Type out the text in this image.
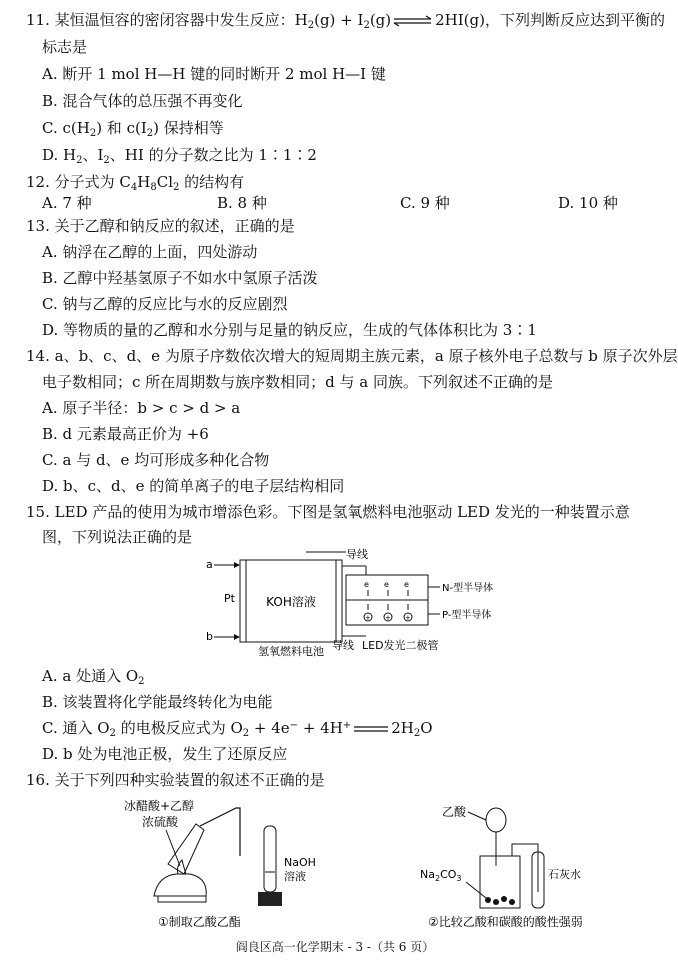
11. 某恒温恒容的密闭容器中发生反应：$H_2(g) + I_2(g)$ ⇌ 2HI(g)，下列判断反应达到平衡的
标志是
A. 断开 1 mol H—H 键的同时断开 2 mol H—I 键
B. 混合气体的总压强不再变化
C. $c(H_2)$ 和 $c(I_2)$ 保持相等
D. $H_2$、$I_2$、HI 的分子数之比为 1∶1∶2
12. 分子式为 $C_4H_8Cl_2$ 的结构有
A. 7 种	B. 8 种	C. 9 种	D. 10 种
13. 关于乙醇和钠反应的叙述，正确的是
A. 钠浮在乙醇的上面，四处游动
B. 乙醇中羟基氢原子不如水中氢原子活泼
C. 钠与乙醇的反应比与水的反应剧烈
D. 等物质的量的乙醇和水分别与足量的钠反应，生成的气体体积比为 3∶1
14. a、b、c、d、e 为原子序数依次增大的短周期主族元素，a 原子核外电子总数与 b 原子次外层
电子数相同；c 所在周期数与族序数相同；d 与 a 同族。下列叙述不正确的是
A. 原子半径：b > c > d > a
B. d 元素最高正价为 +6
C. a 与 d、e 均可形成多种化合物
D. b、c、d、e 的简单离子的电子层结构相同
15. LED 产品的使用为城市增添色彩。下图是氢氧燃料电池驱动 LED 发光的一种装置示意
图，下列说法正确的是
a
b
Pt	KOH溶液
导线
e e e
+ + +
N-型半导体
P-型半导体
导线 LED发光二极管
氢氧燃料电池
A. a 处通入 $O_2$
B. 该装置将化学能最终转化为电能
C. 通入 $O_2$ 的电极反应式为 $O_2 + 4e^- + 4H^+$	$2H_2O$
D. b 处为电池正极，发生了还原反应
16. 关于下列四种实验装置的叙述不正确的是
冰醋酸+乙醇
浓硫酸
NaOH
溶液
①制取乙酸乙酯
乙酸
$Na_2CO_3$	石灰水
②比较乙酸和碳酸的酸性强弱
阎良区高一化学期末 - 3 -（共 6 页）
